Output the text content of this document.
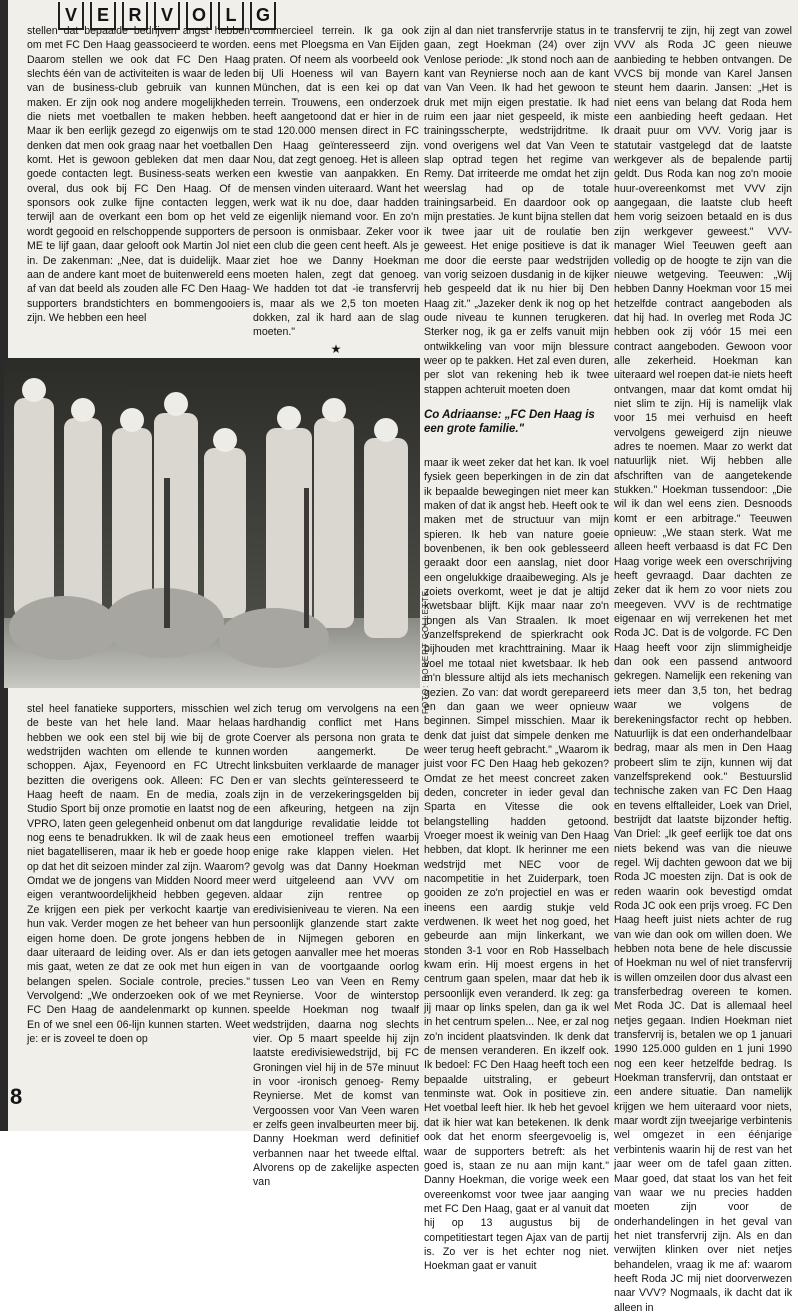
V	E	R	V	O	L	G

stellen dat bepaalde bedrijven angst hebben om met FC Den Haag geassocieerd te worden. Daarom stellen we ook dat FC Den Haag slechts één van de activiteiten is waar de leden van de business-club gebruik van kunnen maken. Er zijn ook nog andere mogelijkheden die niets met voetballen te maken hebben. Maar ik ben eerlijk gezegd zo eigenwijs om te denken dat men ook graag naar het voetballen komt. Het is gewoon gebleken dat men daar goede contacten legt. Business-seats werken overal, dus ook bij FC Den Haag. Of de sponsors ook zulke fijne contacten leggen, terwijl aan de overkant een bom op het veld wordt gegooid en relschoppende supporters de ME te lijf gaan, daar gelooft ook Martin Jol niet in. De zakenman: „Nee, dat is duidelijk. Maar aan de andere kant moet de buitenwereld eens af van dat beeld als zouden alle FC Den Haag-supporters brandstichters en bommengooiers zijn. We hebben een heel

commercieel terrein. Ik ga ook eens met Ploegsma en Van Eijden praten. Of neem als voorbeeld ook bij Uli Hoeness wil van Bayern München, dat is een kei op dat terrein. Trouwens, een onderzoek heeft aangetoond dat er hier in de stad 120.000 mensen direct in FC Den Haag geïnteresseerd zijn. Nou, dat zegt genoeg. Het is alleen een kwestie van aanpakken. En mensen vinden uiteraard. Want het werk wat ik nu doe, daar hadden ze eigenlijk niemand voor. En zo'n persoon is onmisbaar. Zeker voor een club die geen cent heeft. Als je ziet hoe we Danny Hoekman moeten halen, zegt dat genoeg. We hadden tot dat -ie transfervrij is, maar als we 2,5 ton moeten dokken, zal ik hard aan de slag moeten."

★

zijn al dan niet transfervrije status in te gaan, zegt Hoekman (24) over zijn Venlose periode: „Ik stond noch aan de kant van Reyniersе noch aan de kant van Van Veen. Ik had het gewoon te druk met mijn eigen prestatie. Ik had ruim een jaar niet gespeeld, ik miste trainingsscherpte, wedstrijdritme. Ik vond overigens wel dat Van Veen te slap optrad tegen het regime van Remy. Dat irriteerde me omdat het zijn weerslag had op de totale trainingsarbeid. En daardoor ook op mijn prestaties. Je kunt bijna stellen dat ik twee jaar uit de roulatie ben geweest. Het enige positieve is dat ik me door die eerste paar wedstrijden van vorig seizoen dusdanig in de kijker heb gespeeld dat ik nu hier bij Den Haag zit." „Jazeker denk ik nog op het oude niveau te kunnen terugkeren. Sterker nog, ik ga er zelfs vanuit mijn ontwikkeling van voor mijn blessure weer op te pakken. Het zal even duren, per slot van rekening heb ik twee stappen achteruit moeten doen

Co Adriaanse: „FC Den Haag is een grote familie."

transfervrij te zijn, hij zegt van zowel VVV als Roda JC geen nieuwe aanbieding te hebben ontvangen. De VVCS bij monde van Karel Jansen steunt hem daarin. Jansen: „Het is niet eens van belang dat Roda hem een aanbieding heeft gedaan. Het draait puur om VVV. Vorig jaar is statutair vastgelegd dat de laatste werkgever als de bepalende partij geldt. Dus Roda kan nog zo'n mooie huur-overeenkomst met VVV zijn aangegaan, die laatste club heeft hem vorig seizoen betaald en is dus zijn werkgever geweest." VVV-manager Wiel Teeuwen geeft aan volledig op de hoogte te zijn van die nieuwe wetgeving. Teeuwen: „Wij hebben Danny Hoekman voor 15 mei hetzelfde contract aangeboden als dat hij had. In overleg met Roda JC hebben ook zij vóór 15 mei een contract aangeboden. Gewoon voor alle zekerheid. Hoekman kan uiteraard wel roepen dat-ie niets heeft ontvangen, maar dat komt omdat hij niet slim te zijn. Hij is namelijk vlak voor 15 mei verhuisd en heeft vervolgens geweigerd zijn nieuwe adres te noemen. Maar zo werkt dat natuurlijk niet. Wij hebben alle afschriften van de aangetekende stukken." Hoekman tussendoor: „Die wil ik dan wel eens zien. Desnoods komt er een arbitrage." Teeuwen opnieuw: „We staan sterk. Wat me alleen heeft verbaasd is dat FC Den Haag vorige week een overschrijving heeft gevraagd. Daar dachten ze zeker dat ik hem zo voor niets zou meegeven. VVV is de rechtmatige eigenaar en wij verrekenen het met Roda JC. Dat is de volgorde. FC Den Haag heeft voor zijn slimmigheidje dan ook een passend antwoord gekregen. Namelijk een rekening van iets meer dan 3,5 ton, het bedrag waar we volgens de berekeningsfactor recht op hebben. Natuurlijk is dat een onderhandelbaar bedrag, maar als men in Den Haag probeert slim te zijn, kunnen wij dat vanzelfsprekend ook." Bestuurslid technische zaken van FC Den Haag en tevens elftalleider, Loek van Driel, bestrijdt dat laatste bijzonder heftig. Van Driel: „Ik geef eerlijk toe dat ons niets bekend was van die nieuwe regel. Wij dachten gewoon dat we bij Roda JC moesten zijn. Dat is ook de reden waarin ook bevestigd omdat Roda JC ook een prijs vroeg. FC Den Haag heeft juist niets achter de rug van wie dan ook om willen doen. We hebben nota bene de hele discussie of Hoekman nu wel of niet transfervrij is willen omzeilen door dus alvast een transferbedrag overeen te komen. Met Roda JC. Dat is allemaal heel netjes gegaan. Indien Hoekman niet transfervrij is, betalen we op 1 januari 1990 125.000 gulden en 1 juni 1990 nog een keer hetzelfde bedrag. Is Hoekman transfervrij, dan ontstaat er een andere situatie. Dan namelijk krijgen we hem uiteraard voor niets, maar wordt zijn tweejarige verbintenis wel omgezet in een éénjarige verbintenis waarin hij de rest van het jaar weer om de tafel gaan zitten. Maar goed, dat staat los van het feit van waar we nu precies hadden moeten zijn voor de onderhandelingen in het geval van het niet transfervrij zijn. Als en dan verwijten klinken over niet netjes behandelen, vraag ik me af: waarom heeft Roda JC mij niet doorverwezen naar VVV? Nogmaals, ik dacht dat ik alleen in

FOTO: ROBERT COLLETTE

maar ik weet zeker dat het kan. Ik voel fysiek geen beperkingen in de zin dat ik bepaalde bewegingen niet meer kan maken of dat ik angst heb. Heeft ook te maken met de structuur van mijn spieren. Ik heb van nature goeie bovenbenen, ik ben ook geblesseerd geraakt door een aanslag, niet door een ongelukkige draaibeweging. Als je zoiets overkomt, weet je dat je altijd kwetsbaar blijft. Kijk maar naar zo'n jongen als Van Straalen. Ik moet vanzelfsprekend de spierkracht ook bijhouden met krachttraining. Maar ik voel me totaal niet kwetsbaar. Ik heb m'n blessure altijd als iets mechanisch gezien. Zo van: dat wordt gerepareerd en dan gaan we weer opnieuw beginnen. Simpel misschien. Maar ik denk dat juist dat simpele denken me weer terug heeft gebracht." „Waarom ik juist voor FC Den Haag heb gekozen? Omdat ze het meest concreet zaken deden, concreter in ieder geval dan Sparta en Vitesse die ook belangstelling hadden getoond. Vroeger moest ik weinig van Den Haag hebben, dat klopt. Ik herinner me een wedstrijd met NEC voor de nacompetitie in het Zuiderpark, toen gooiden ze zo'n projectiel en was er ineens een aardig stukje veld verdwenen. Ik weet het nog goed, het gebeurde aan mijn linkerkant, we stonden 3-1 voor en Rob Hasselbach kwam erin. Hij moest ergens in het centrum gaan spelen, maar dat heb ik persoonlijk even veranderd. Ik zeg: ga jij maar op links spelen, dan ga ik wel in het centrum spelen... Nee, er zal nog zo'n incident plaatsvinden. Ik denk dat de mensen veranderen. En ikzelf ook. Ik bedoel: FC Den Haag heeft toch een bepaalde uitstraling, er gebeurt tenminste wat. Ook in positieve zin. Het voetbal leeft hier. Ik heb het gevoel dat ik hier wat kan betekenen. Ik denk ook dat het enorm sfeergevoelig is, waar de supporters betreft: als het goed is, staan ze nu aan mijn kant." Danny Hoekman, die vorige week een overeenkomst voor twee jaar aanging met FC Den Haag, gaat er al vanuit dat hij op 13 augustus bij de competitiestart tegen Ajax van de partij is. Zo ver is het echter nog niet. Hoekman gaat er vanuit

stel heel fanatieke supporters, misschien wel de beste van het hele land. Maar helaas hebben we ook een stel bij wie bij de grote wedstrijden wachten om ellende te kunnen schoppen. Ajax, Feyenoord en FC Utrecht bezitten die overigens ook. Alleen: FC Den Haag heeft de naam. En de media, zoals Studio Sport bij onze promotie en laatst nog de VPRO, laten geen gelegenheid onbenut om dat nog eens te benadrukken. Ik wil de zaak heus niet bagatelliseren, maar ik heb er goede hoop op dat het dit seizoen minder zal zijn. Waarom? Omdat we de jongens van Midden Noord meer eigen verantwoordelijkheid hebben gegeven. Ze krijgen een piek per verkocht kaartje van hun vak. Verder mogen ze het beheer van hun eigen home doen. De grote jongens hebben daar uiteraard de leiding over. Als er dan iets mis gaat, weten ze dat ze ook met hun eigen belangen spelen. Sociale controle, precies." Vervolgend: „We onderzoeken ook of we met FC Den Haag de aandelenmarkt op kunnen. En of we snel een 06-lijn kunnen starten. Weet je: er is zoveel te doen op

zich terug om vervolgens na een hardhandig conflict met Hans Coerver als persona non grata te worden aangemerkt. De linksbuiten verklaarde de manager er van slechts geïnteresseerd te zijn in de verzekeringsgelden bij een afkeuring, hetgeen na zijn langdurige revalidatie leidde tot een emotioneel treffen waarbij enige rake klappen vielen. Het gevolg was dat Danny Hoekman werd uitgeleend aan VVV om aldaar zijn rentree op eredivisieniveau te vieren. Na een persoonlijk glanzende start zakte de in Nijmegen geboren en getogen aanvaller mee het moeras in van de voortgaande oorlog tussen Leo van Veen en Remy Reyniersе. Voor de winterstop speelde Hoekman nog twaalf wedstrijden, daarna nog slechts vier. Op 5 maart speelde hij zijn laatste eredivisiewedstrijd, bij FC Groningen viel hij in de 57e minuut in voor -ironisch genoeg- Remy Reyniersе. Met de komst van Vergoossen voor Van Veen waren er zelfs geen invalbeurten meer bij. Danny Hoekman werd definitief verbannen naar het tweede elftal. Alvorens op de zakelijke aspecten van

8
